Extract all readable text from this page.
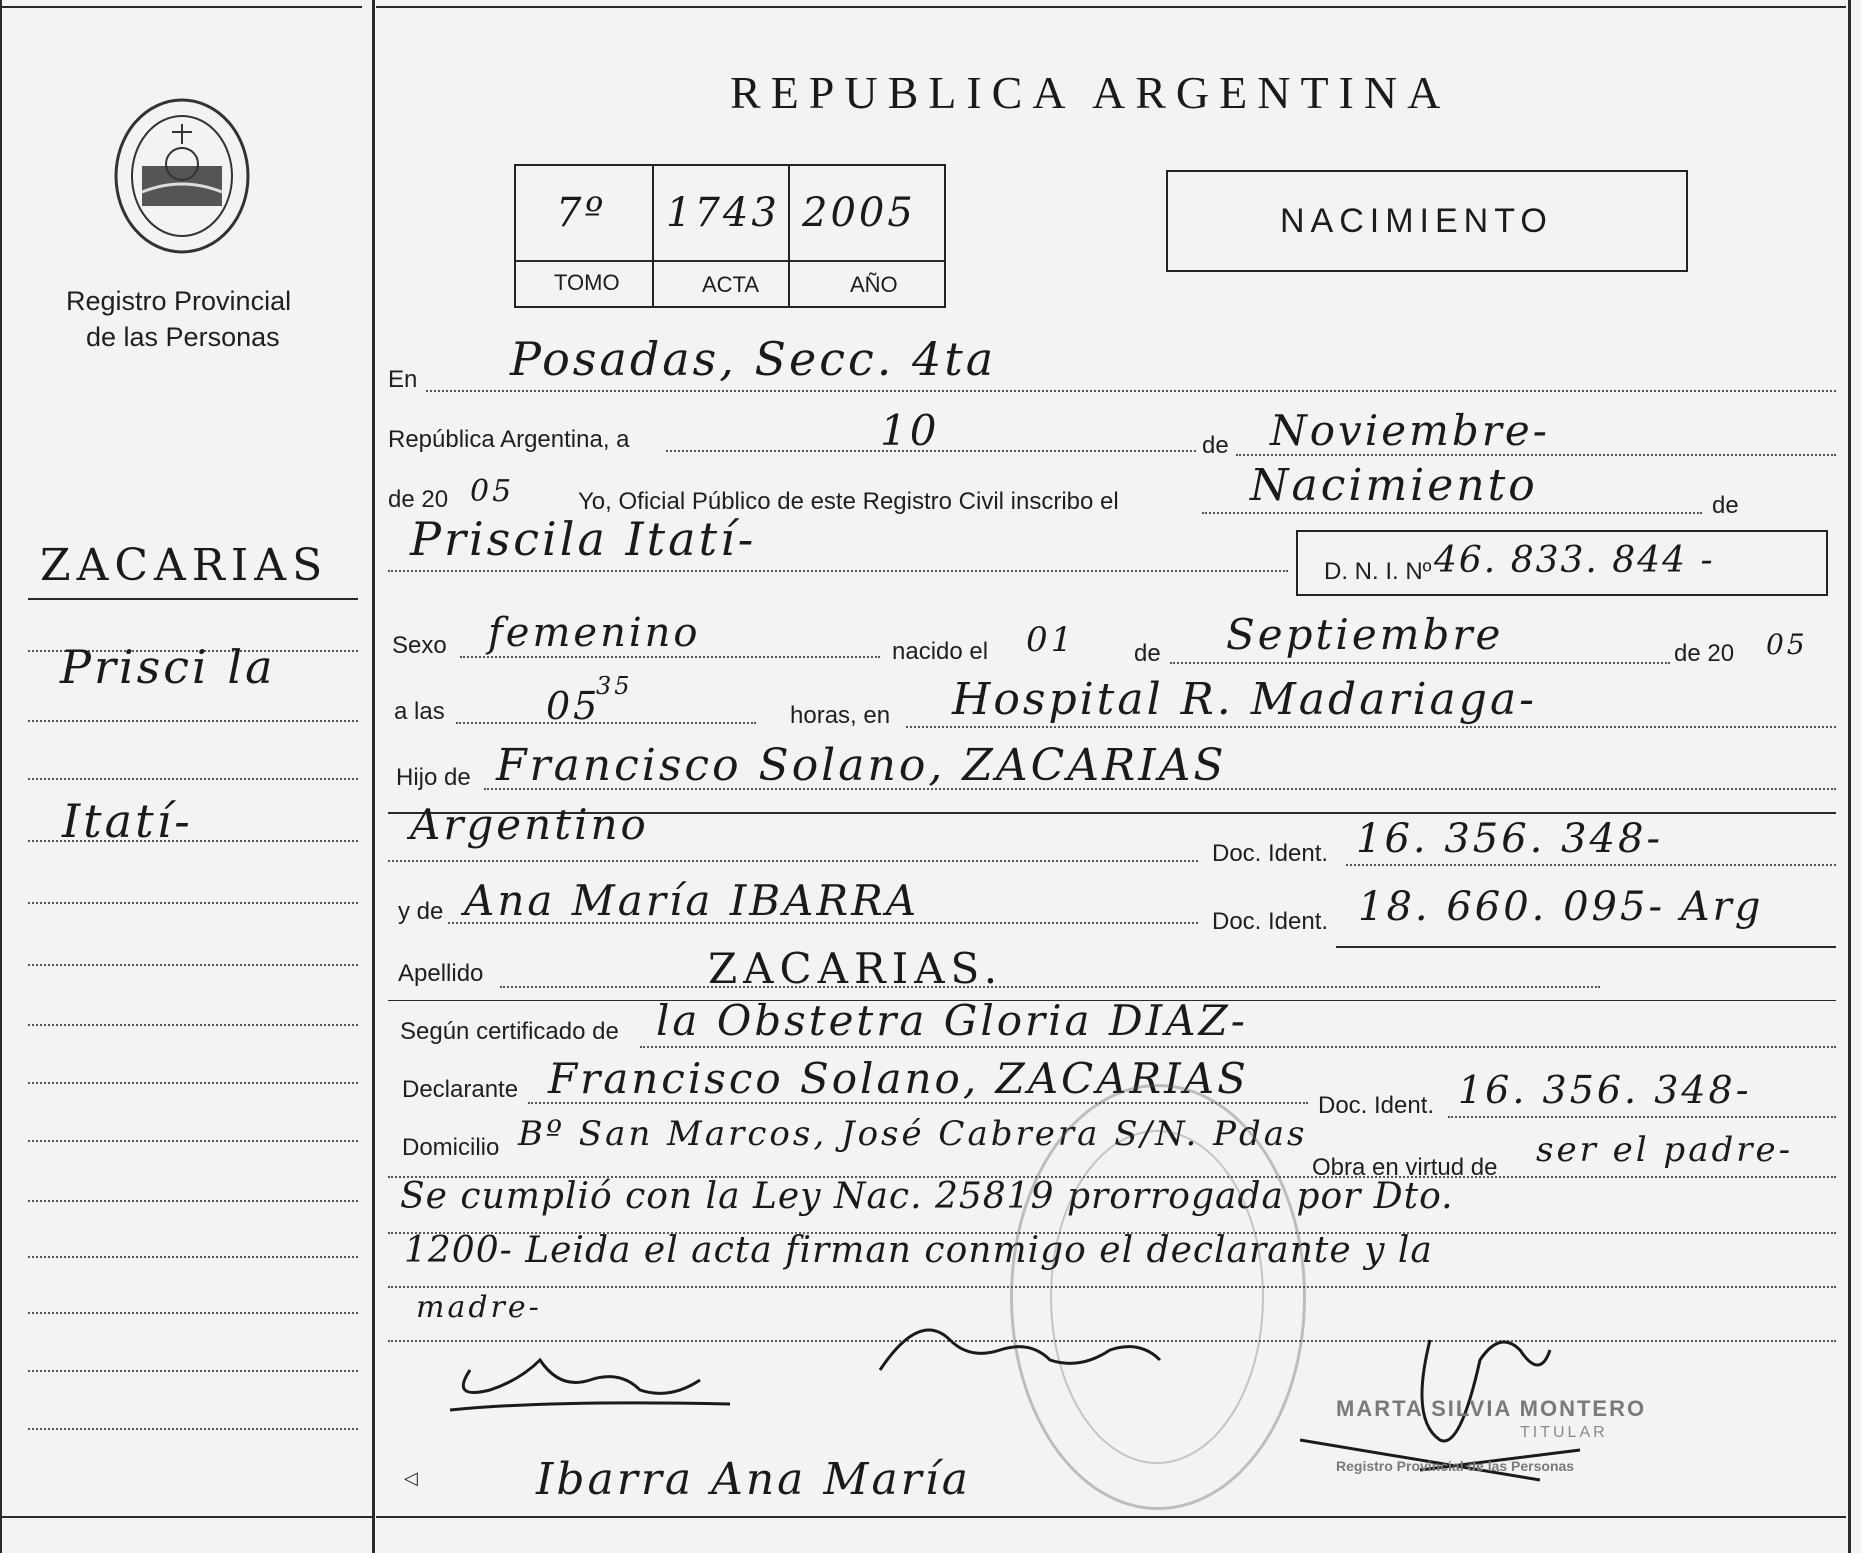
Registro Provincial
de las Personas
ZACARIAS
Prisci la
Itatí-
REPUBLICA ARGENTINA
7º 1743 2005
TOMO	ACTA	AÑO
NACIMIENTO
En Posadas, Secc. 4ta
República Argentina, a	10	de Noviembre-
de 20 05	Yo, Oficial Público de este Registro Civil inscribo el	Nacimiento	de
Priscila Itatí-
D. N. I. Nº 46. 833. 844 -
Sexo femenino	nacido el 01 de Septiembre	de 20 05
a las	05
35
horas, en Hospital R. Madariaga-
Hijo de Francisco Solano, ZACARIAS
Argentino
Doc. Ident. 16. 356. 348-
y de Ana María IBARRA	Doc. Ident. 18. 660. 095- Arg
Apellido	ZACARIAS.
Según certificado de la Obstetra Gloria DIAZ-
Declarante Francisco Solano, ZACARIAS
Doc. Ident. 16. 356. 348-
Domicilio Bº San Marcos, José Cabrera S/N. Pdas
Obra en virtud de ser el padre-
Se cumplió con la Ley Nac. 25819 prorrogada por Dto.
1200- Leida el acta firman conmigo el declarante y la
madre-
MARTA SILVIA MONTERO
TITULAR
Registro Provincial de las Personas
◁	Ibarra Ana María
